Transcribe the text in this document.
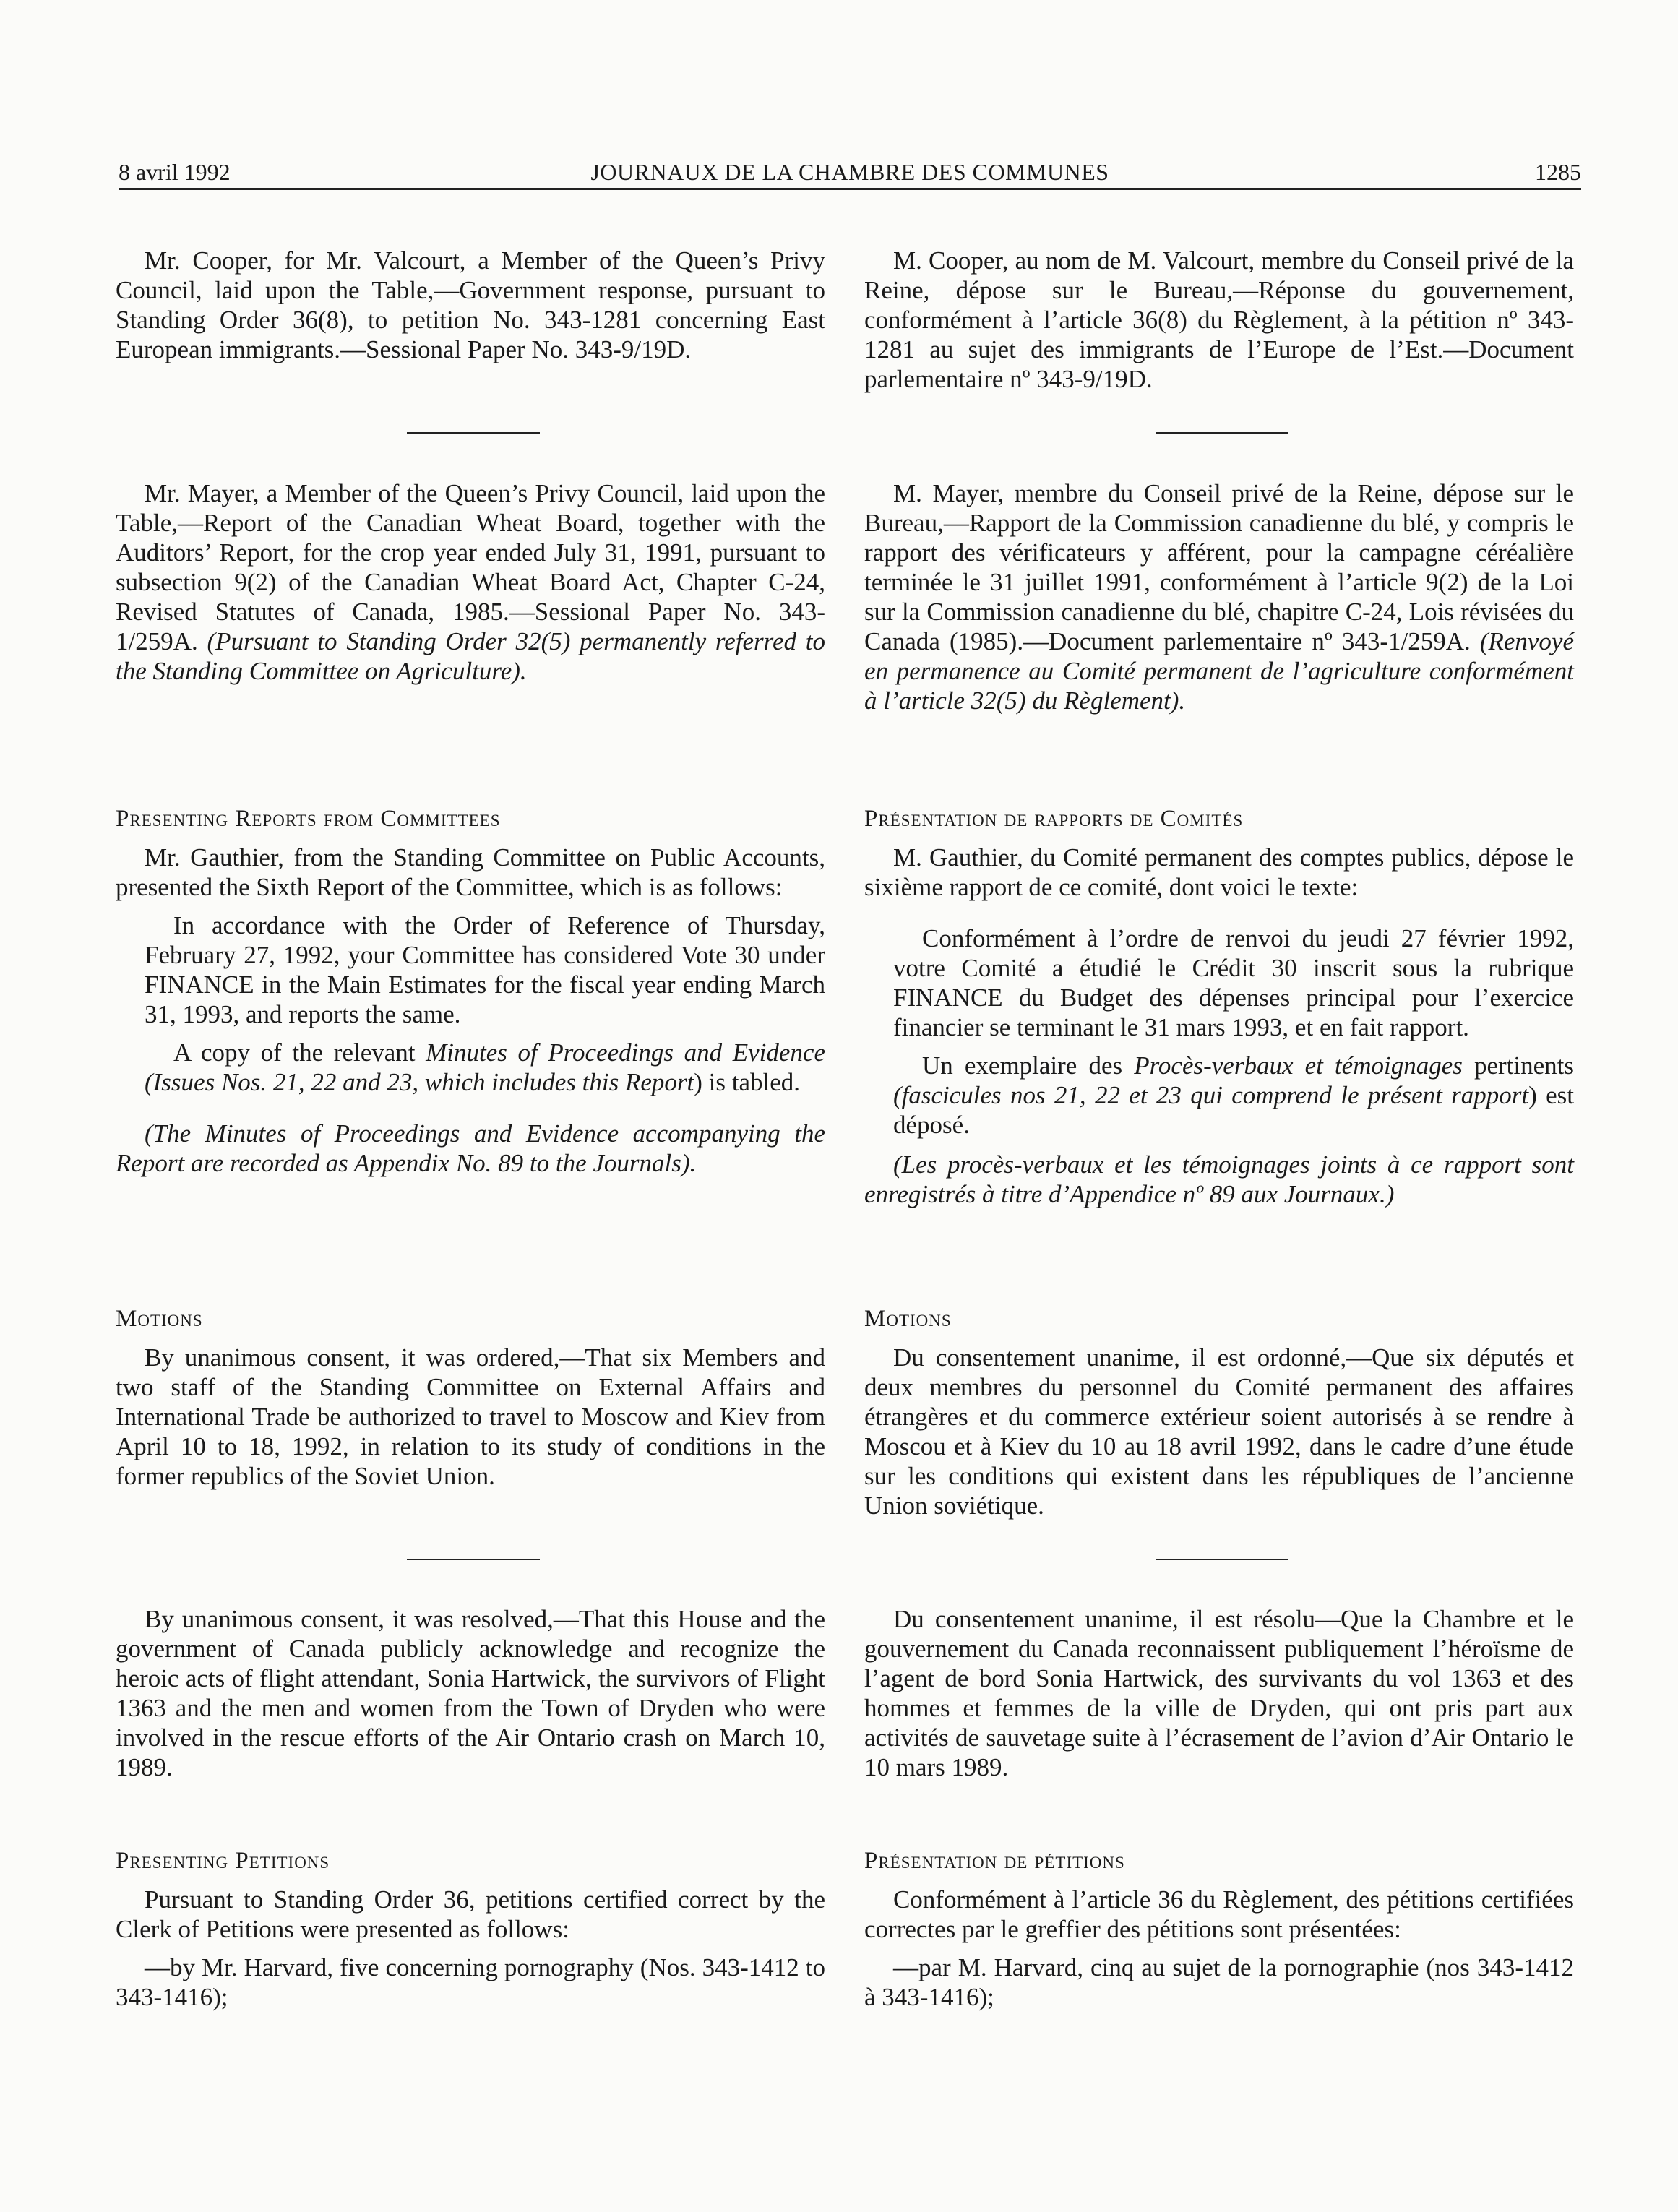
8 avril 1992	JOURNAUX DE LA CHAMBRE DES COMMUNES	1285

Mr. Cooper, for Mr. Valcourt, a Member of the Queen’s Privy Council, laid upon the Table,—Government response, pursuant to Standing Order 36(8), to petition No. 343-1281 concerning East European immigrants.—Sessional Paper No. 343-9/19D.

Mr. Mayer, a Member of the Queen’s Privy Council, laid upon the Table,—Report of the Canadian Wheat Board, together with the Auditors’ Report, for the crop year ended July 31, 1991, pursuant to subsection 9(2) of the Canadian Wheat Board Act, Chapter C-24, Revised Statutes of Canada, 1985.—Sessional Paper No. 343-1/259A. (Pursuant to Standing Order 32(5) permanently referred to the Standing Committee on Agriculture).

Presenting Reports from Committees

Mr. Gauthier, from the Standing Committee on Public Accounts, presented the Sixth Report of the Committee, which is as follows:

In accordance with the Order of Reference of Thursday, February 27, 1992, your Committee has considered Vote 30 under FINANCE in the Main Estimates for the fiscal year ending March 31, 1993, and reports the same.

A copy of the relevant Minutes of Proceedings and Evidence (Issues Nos. 21, 22 and 23, which includes this Report) is tabled.

(The Minutes of Proceedings and Evidence accompanying the Report are recorded as Appendix No. 89 to the Journals).

Motions

By unanimous consent, it was ordered,—That six Members and two staff of the Standing Committee on External Affairs and International Trade be authorized to travel to Moscow and Kiev from April 10 to 18, 1992, in relation to its study of conditions in the former republics of the Soviet Union.

By unanimous consent, it was resolved,—That this House and the government of Canada publicly acknowledge and recognize the heroic acts of flight attendant, Sonia Hartwick, the survivors of Flight 1363 and the men and women from the Town of Dryden who were involved in the rescue efforts of the Air Ontario crash on March 10, 1989.

Presenting Petitions

Pursuant to Standing Order 36, petitions certified correct by the Clerk of Petitions were presented as follows:

—by Mr. Harvard, five concerning pornography (Nos. 343-1412 to 343-1416);

M. Cooper, au nom de M. Valcourt, membre du Conseil privé de la Reine, dépose sur le Bureau,—Réponse du gouvernement, conformément à l’article 36(8) du Règlement, à la pétition nº 343-1281 au sujet des immigrants de l’Europe de l’Est.—Document parlementaire nº 343-9/19D.

M. Mayer, membre du Conseil privé de la Reine, dépose sur le Bureau,—Rapport de la Commission canadienne du blé, y compris le rapport des vérificateurs y afférent, pour la campagne céréalière terminée le 31 juillet 1991, conformément à l’article 9(2) de la Loi sur la Commission canadienne du blé, chapitre C-24, Lois révisées du Canada (1985).—Document parlementaire nº 343-1/259A. (Renvoyé en permanence au Comité permanent de l’agriculture conformément à l’article 32(5) du Règlement).

Présentation de rapports de Comités

M. Gauthier, du Comité permanent des comptes publics, dépose le sixième rapport de ce comité, dont voici le texte:

Conformément à l’ordre de renvoi du jeudi 27 février 1992, votre Comité a étudié le Crédit 30 inscrit sous la rubrique FINANCE du Budget des dépenses principal pour l’exercice financier se terminant le 31 mars 1993, et en fait rapport.

Un exemplaire des Procès-verbaux et témoignages pertinents (fascicules nos 21, 22 et 23 qui comprend le présent rapport) est déposé.

(Les procès-verbaux et les témoignages joints à ce rapport sont enregistrés à titre d’Appendice nº 89 aux Journaux.)

Motions

Du consentement unanime, il est ordonné,—Que six députés et deux membres du personnel du Comité permanent des affaires étrangères et du commerce extérieur soient autorisés à se rendre à Moscou et à Kiev du 10 au 18 avril 1992, dans le cadre d’une étude sur les conditions qui existent dans les républiques de l’ancienne Union soviétique.

Du consentement unanime, il est résolu—Que la Chambre et le gouvernement du Canada reconnaissent publiquement l’héroïsme de l’agent de bord Sonia Hartwick, des survivants du vol 1363 et des hommes et femmes de la ville de Dryden, qui ont pris part aux activités de sauvetage suite à l’écrasement de l’avion d’Air Ontario le 10 mars 1989.

Présentation de pétitions

Conformément à l’article 36 du Règlement, des pétitions certifiées correctes par le greffier des pétitions sont présentées:

—par M. Harvard, cinq au sujet de la pornographie (nos 343-1412 à 343-1416);
